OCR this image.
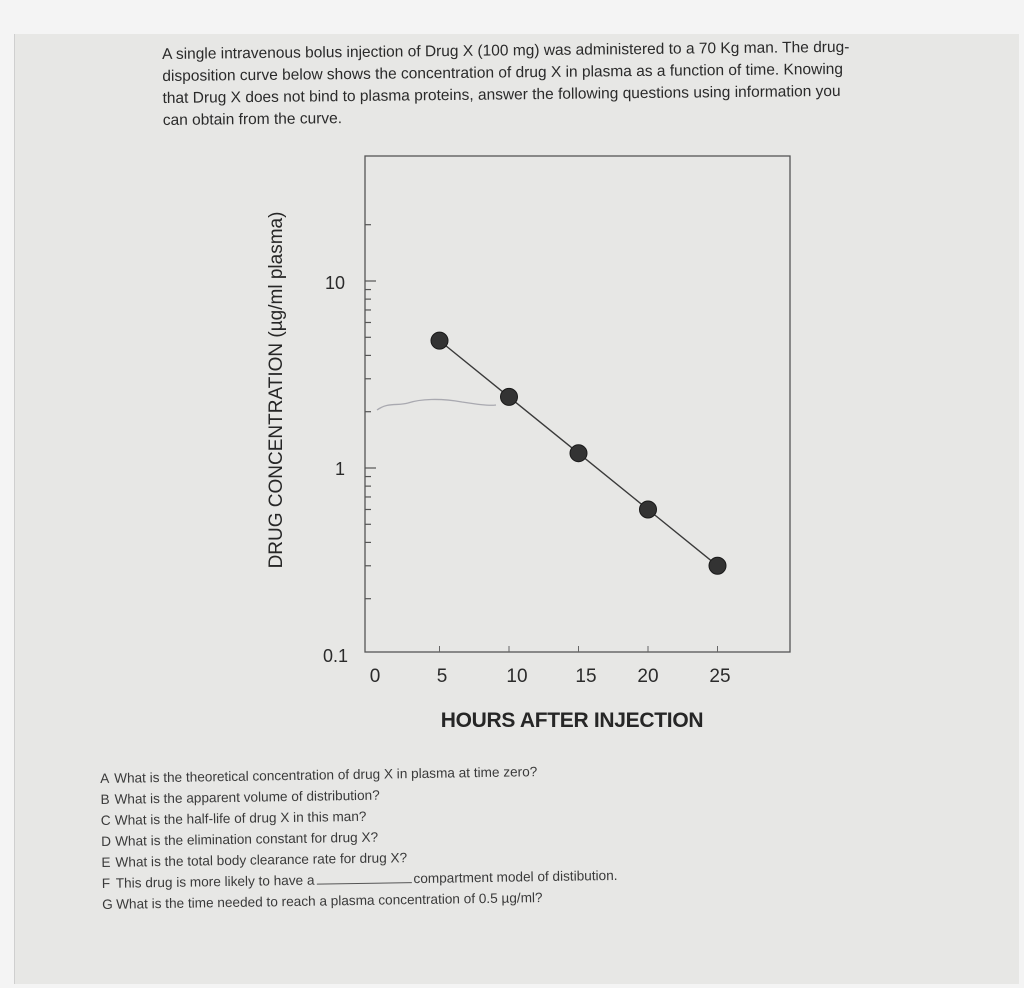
A single intravenous bolus injection of Drug X (100 mg) was administered to a 70 Kg man. The drug-
disposition curve below shows the concentration of drug X in plasma as a function of time. Knowing
that Drug X does not bind to plasma proteins, answer the following questions using information you
can obtain from the curve.
10
1
0.1
0	5	10	15 20	25
HOURS AFTER INJECTION
DRUG CONCENTRATION (µg/ml plasma)
A What is the theoretical concentration of drug X in plasma at time zero?
B What is the apparent volume of distribution?
C What is the half-life of drug X in this man?
D What is the elimination constant for drug X?
E What is the total body clearance rate for drug X?
F This drug is more likely to have a	compartment model of distibution.
G What is the time needed to reach a plasma concentration of 0.5 µg/ml?
